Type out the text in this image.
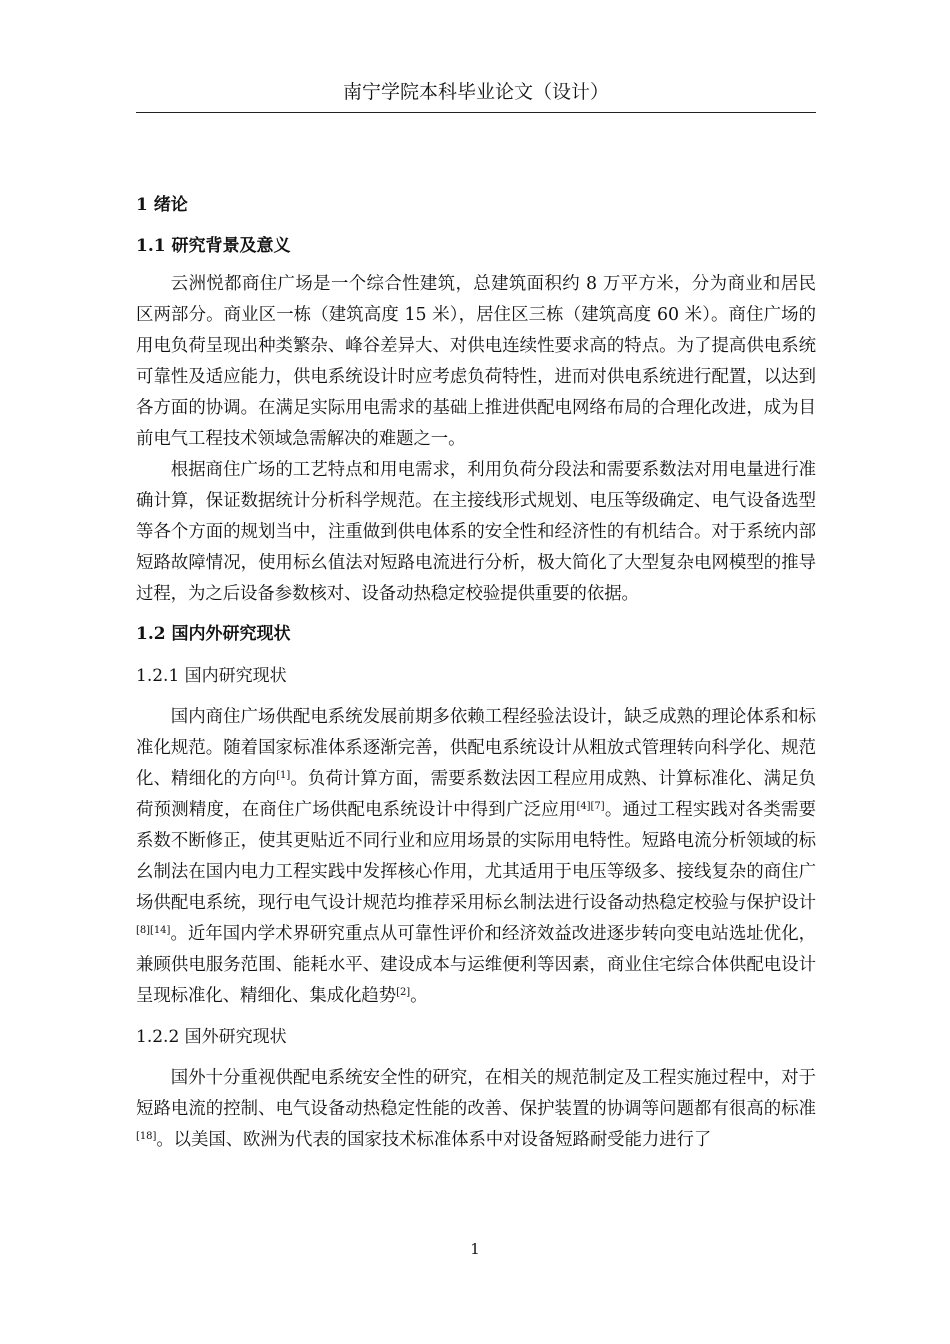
南宁学院本科毕业论文（设计）
1 绪论
1.1 研究背景及意义

云洲悦都商住广场是一个综合性建筑，总建筑面积约 8 万平方米，分为商业和居民区两部分。商业区一栋（建筑高度 15 米），居住区三栋（建筑高度 60 米）。商住广场的用电负荷呈现出种类繁杂、峰谷差异大、对供电连续性要求高的特点。为了提高供电系统可靠性及适应能力，供电系统设计时应考虑负荷特性，进而对供电系统进行配置，以达到各方面的协调。在满足实际用电需求的基础上推进供配电网络布局的合理化改进，成为目前电气工程技术领域急需解决的难题之一。

根据商住广场的工艺特点和用电需求，利用负荷分段法和需要系数法对用电量进行准确计算，保证数据统计分析科学规范。在主接线形式规划、电压等级确定、电气设备选型等各个方面的规划当中，注重做到供电体系的安全性和经济性的有机结合。对于系统内部短路故障情况，使用标幺值法对短路电流进行分析，极大简化了大型复杂电网模型的推导过程，为之后设备参数核对、设备动热稳定校验提供重要的依据。

1.2 国内外研究现状
1.2.1 国内研究现状

国内商住广场供配电系统发展前期多依赖工程经验法设计，缺乏成熟的理论体系和标准化规范。随着国家标准体系逐渐完善，供配电系统设计从粗放式管理转向科学化、规范化、精细化的方向[1]。负荷计算方面，需要系数法因工程应用成熟、计算标准化、满足负荷预测精度，在商住广场供配电系统设计中得到广泛应用[4][7]。通过工程实践对各类需要系数不断修正，使其更贴近不同行业和应用场景的实际用电特性。短路电流分析领域的标幺制法在国内电力工程实践中发挥核心作用，尤其适用于电压等级多、接线复杂的商住广场供配电系统，现行电气设计规范均推荐采用标幺制法进行设备动热稳定校验与保护设计[8][14]。近年国内学术界研究重点从可靠性评价和经济效益改进逐步转向变电站选址优化，兼顾供电服务范围、能耗水平、建设成本与运维便利等因素，商业住宅综合体供配电设计呈现标准化、精细化、集成化趋势[2]。

1.2.2 国外研究现状

国外十分重视供配电系统安全性的研究，在相关的规范制定及工程实施过程中，对于短路电流的控制、电气设备动热稳定性能的改善、保护装置的协调等问题都有很高的标准[18]。以美国、欧洲为代表的国家技术标准体系中对设备短路耐受能力进行了

1
